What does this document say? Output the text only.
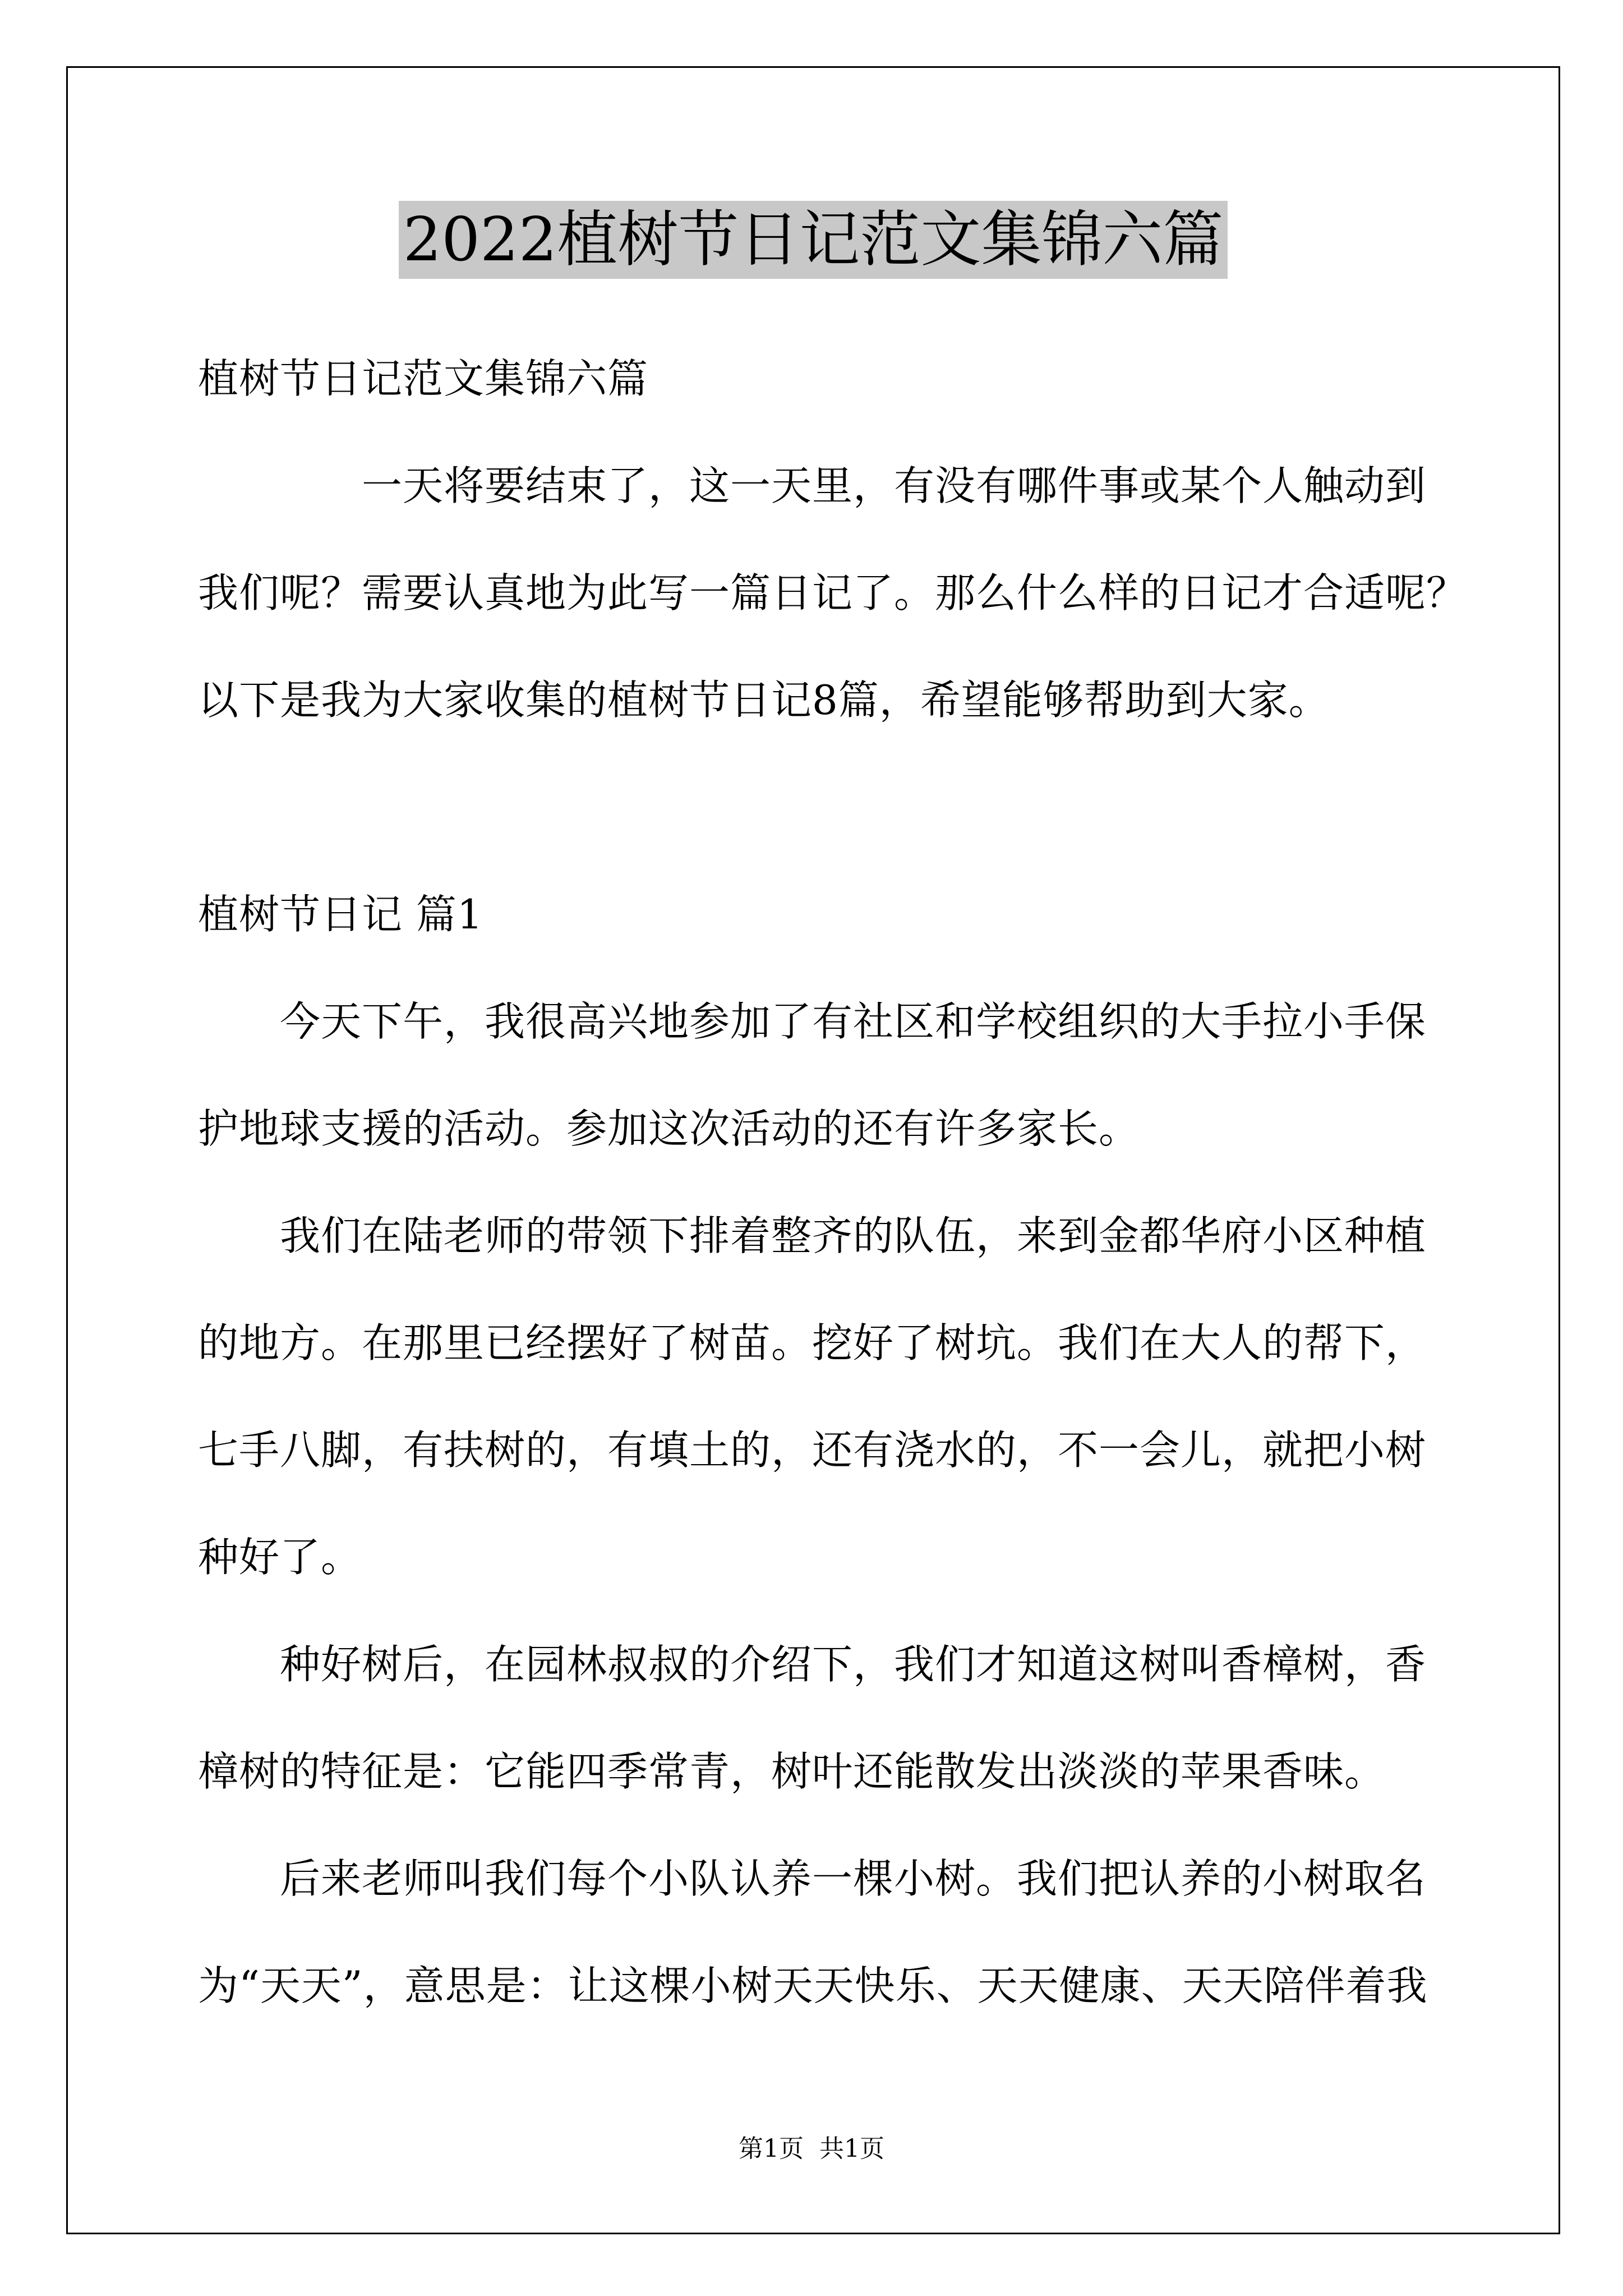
2022植树节日记范文集锦六篇
植树节日记范文集锦六篇
一天将要结束了，这一天里，有没有哪件事或某个人触动到
我们呢？需要认真地为此写一篇日记了。那么什么样的日记才合适呢？
以下是我为大家收集的植树节日记8篇，希望能够帮助到大家。
植树节日记 篇1
今天下午，我很高兴地参加了有社区和学校组织的大手拉小手保
护地球支援的活动。参加这次活动的还有许多家长。
我们在陆老师的带领下排着整齐的队伍，来到金都华府小区种植
的地方。在那里已经摆好了树苗。挖好了树坑。我们在大人的帮下，
七手八脚，有扶树的，有填土的，还有浇水的，不一会儿，就把小树
种好了。
种好树后，在园林叔叔的介绍下，我们才知道这树叫香樟树，香
樟树的特征是：它能四季常青，树叶还能散发出淡淡的苹果香味。
后来老师叫我们每个小队认养一棵小树。我们把认养的小树取名
为“天天”，意思是：让这棵小树天天快乐、天天健康、天天陪伴着我
第1页  共1页
